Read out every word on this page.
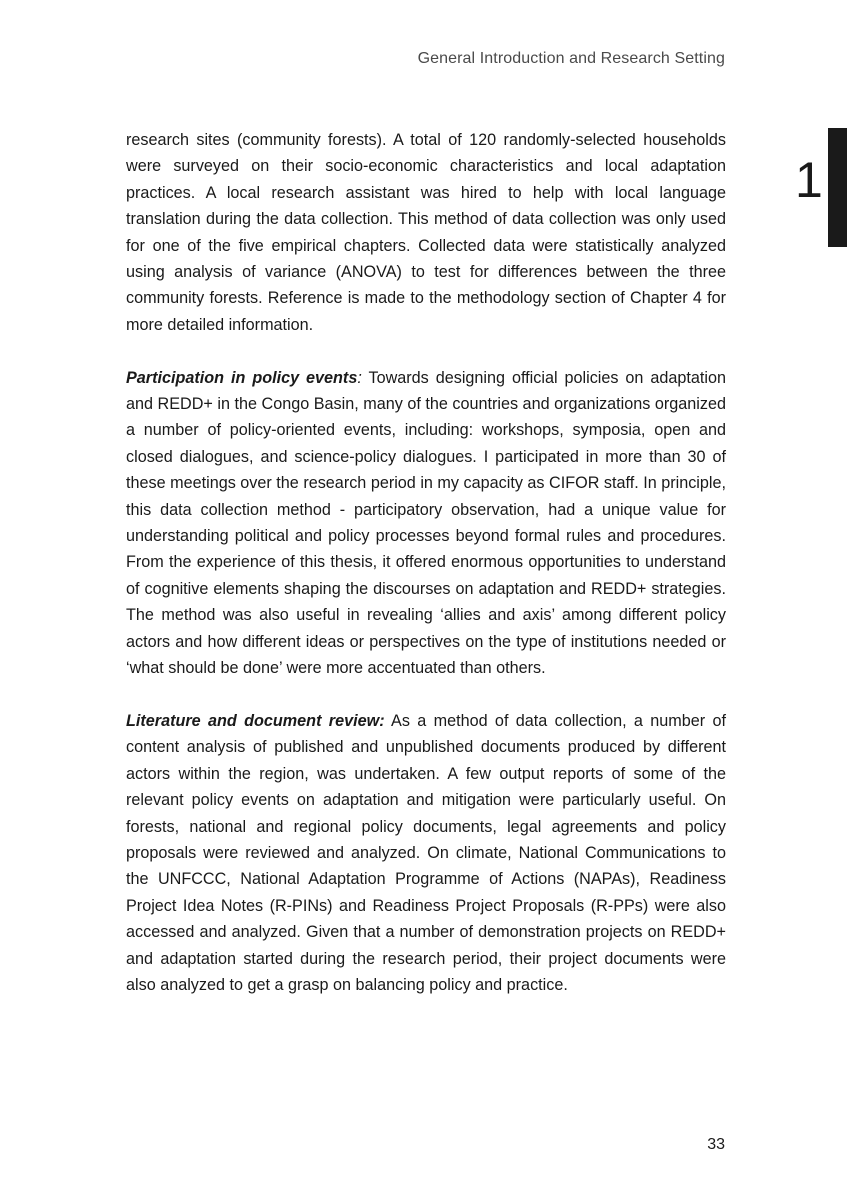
General Introduction and Research Setting
1

research sites (community forests). A total of 120 randomly-selected households were surveyed on their socio-economic characteristics and local adaptation practices. A local research assistant was hired to help with local language translation during the data collection. This method of data collection was only used for one of the five empirical chapters. Collected data were statistically analyzed using analysis of variance (ANOVA) to test for differences between the three community forests. Reference is made to the methodology section of Chapter 4 for more detailed information.

Participation in policy events: Towards designing official policies on adaptation and REDD+ in the Congo Basin, many of the countries and organizations organized a number of policy-oriented events, including: workshops, symposia, open and closed dialogues, and science-policy dialogues. I participated in more than 30 of these meetings over the research period in my capacity as CIFOR staff. In principle, this data collection method - participatory observation, had a unique value for understanding political and policy processes beyond formal rules and procedures. From the experience of this thesis, it offered enormous opportunities to understand of cognitive elements shaping the discourses on adaptation and REDD+ strategies. The method was also useful in revealing ‘allies and axis’ among different policy actors and how different ideas or perspectives on the type of institutions needed or ‘what should be done’ were more accentuated than others.

Literature and document review: As a method of data collection, a number of content analysis of published and unpublished documents produced by different actors within the region, was undertaken. A few output reports of some of the relevant policy events on adaptation and mitigation were particularly useful. On forests, national and regional policy documents, legal agreements and policy proposals were reviewed and analyzed. On climate, National Communications to the UNFCCC, National Adaptation Programme of Actions (NAPAs), Readiness Project Idea Notes (R-PINs) and Readiness Project Proposals (R-PPs) were also accessed and analyzed. Given that a number of demonstration projects on REDD+ and adaptation started during the research period, their project documents were also analyzed to get a grasp on balancing policy and practice.

33
